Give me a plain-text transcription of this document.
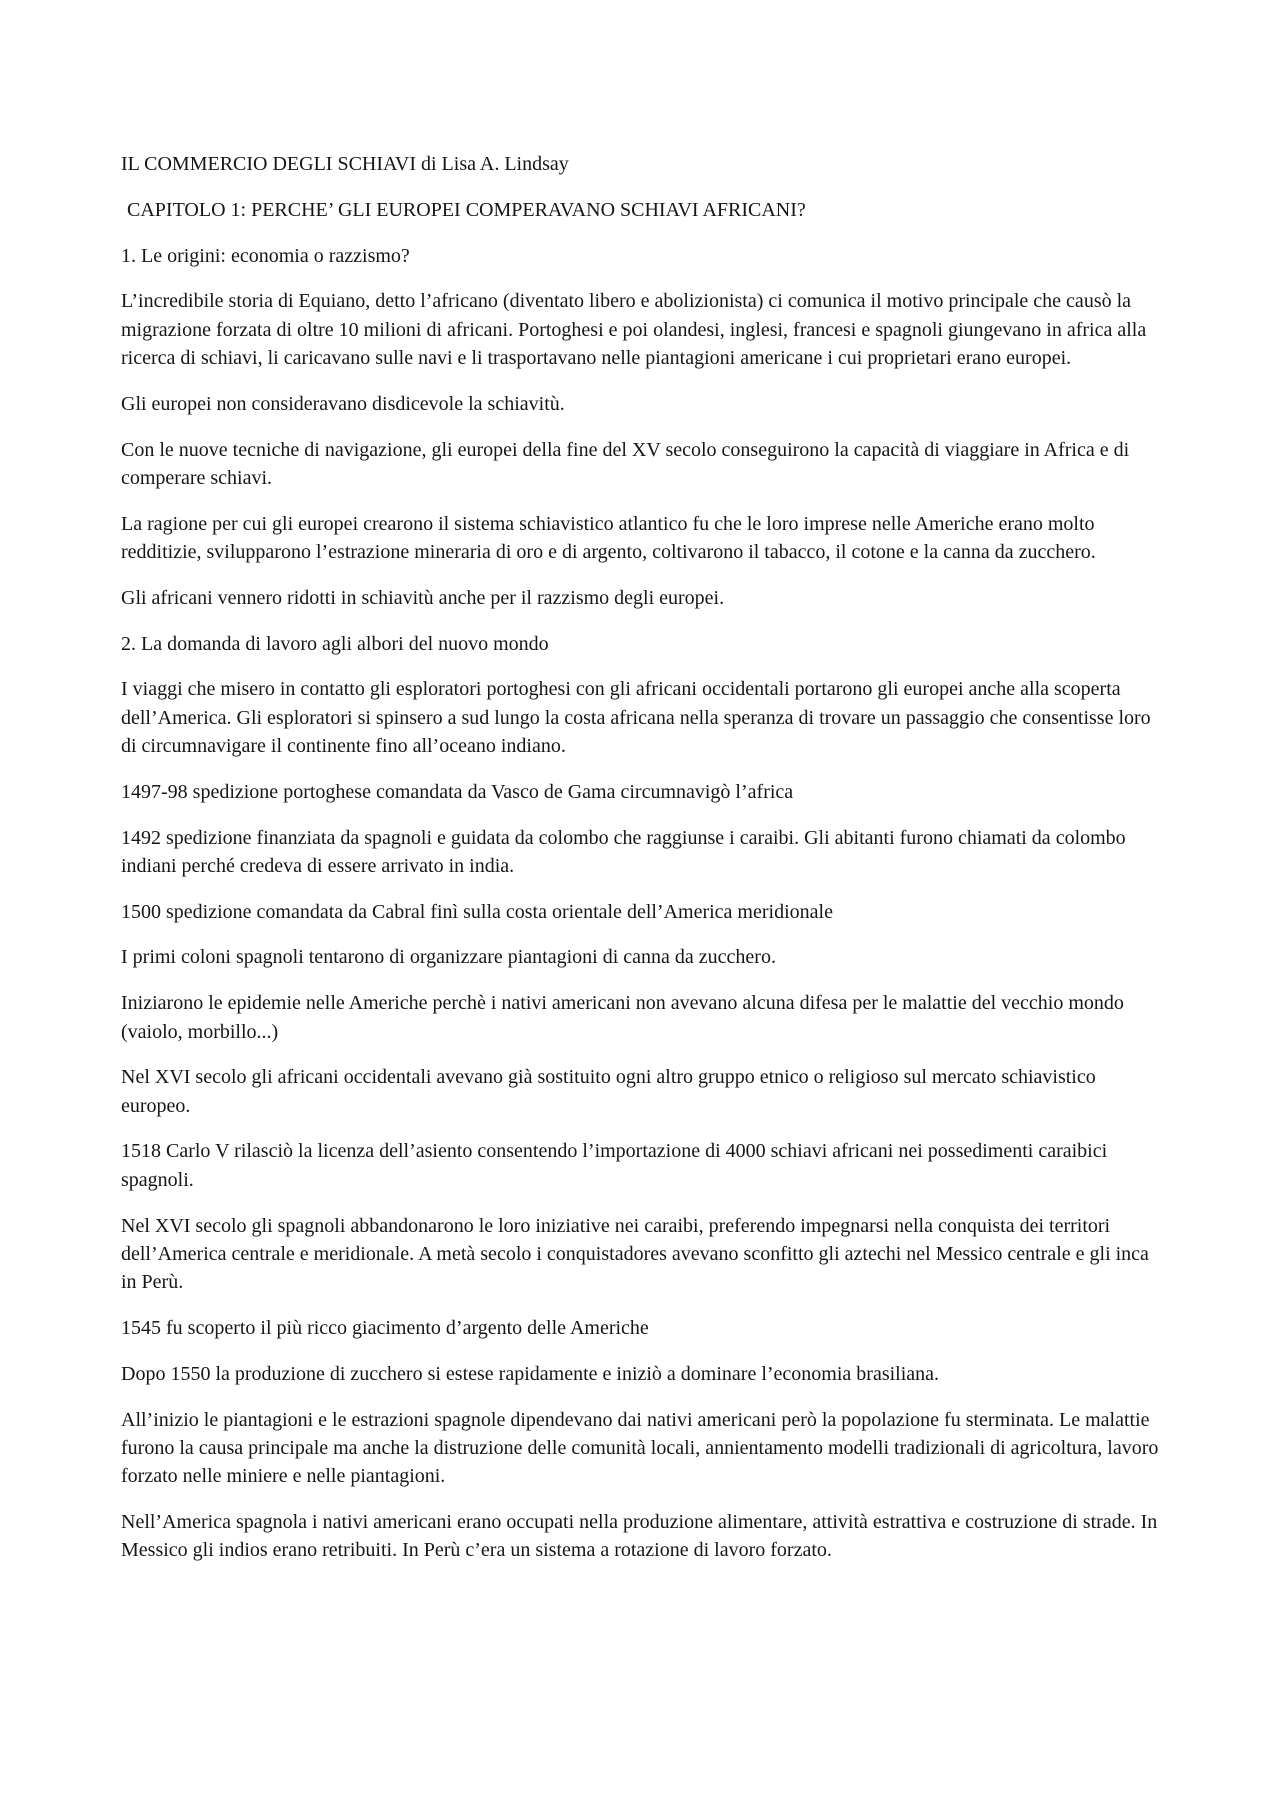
IL COMMERCIO DEGLI SCHIAVI di Lisa A. Lindsay

CAPITOLO 1: PERCHE’ GLI EUROPEI COMPERAVANO SCHIAVI AFRICANI?

1. Le origini: economia o razzismo?

L’incredibile storia di Equiano, detto l’africano (diventato libero e abolizionista) ci comunica il motivo principale che causò la migrazione forzata di oltre 10 milioni di africani. Portoghesi e poi olandesi, inglesi, francesi e spagnoli giungevano in africa alla ricerca di schiavi, li caricavano sulle navi e li trasportavano nelle piantagioni americane i cui proprietari erano europei.

Gli europei non consideravano disdicevole la schiavitù.

Con le nuove tecniche di navigazione, gli europei della fine del XV secolo conseguirono la capacità di viaggiare in Africa e di comperare schiavi.

La ragione per cui gli europei crearono il sistema schiavistico atlantico fu che le loro imprese nelle Americhe erano molto redditizie, svilupparono l’estrazione mineraria di oro e di argento, coltivarono il tabacco, il cotone e la canna da zucchero.

Gli africani vennero ridotti in schiavitù anche per il razzismo degli europei.

2. La domanda di lavoro agli albori del nuovo mondo

I viaggi che misero in contatto gli esploratori portoghesi con gli africani occidentali portarono gli europei anche alla scoperta dell’America. Gli esploratori si spinsero a sud lungo la costa africana nella speranza di trovare un passaggio che consentisse loro di circumnavigare il continente fino all’oceano indiano.

1497-98 spedizione portoghese comandata da Vasco de Gama circumnavigò l’africa

1492 spedizione finanziata da spagnoli e guidata da colombo che raggiunse i caraibi. Gli abitanti furono chiamati da colombo indiani perché credeva di essere arrivato in india.

1500 spedizione comandata da Cabral finì sulla costa orientale dell’America meridionale

I primi coloni spagnoli tentarono di organizzare piantagioni di canna da zucchero.

Iniziarono le epidemie nelle Americhe perchè i nativi americani non avevano alcuna difesa per le malattie del vecchio mondo (vaiolo, morbillo...)

Nel XVI secolo gli africani occidentali avevano già sostituito ogni altro gruppo etnico o religioso sul mercato schiavistico europeo.

1518 Carlo V rilasciò la licenza dell’asiento consentendo l’importazione di 4000 schiavi africani nei possedimenti caraibici spagnoli.

Nel XVI secolo gli spagnoli abbandonarono le loro iniziative nei caraibi, preferendo impegnarsi nella conquista dei territori dell’America centrale e meridionale. A metà secolo i conquistadores avevano sconfitto gli aztechi nel Messico centrale e gli inca in Perù.

1545 fu scoperto il più ricco giacimento d’argento delle Americhe

Dopo 1550 la produzione di zucchero si estese rapidamente e iniziò a dominare l’economia brasiliana.

All’inizio le piantagioni e le estrazioni spagnole dipendevano dai nativi americani però la popolazione fu sterminata. Le malattie furono la causa principale ma anche la distruzione delle comunità locali, annientamento modelli tradizionali di agricoltura, lavoro forzato nelle miniere e nelle piantagioni.

Nell’America spagnola i nativi americani erano occupati nella produzione alimentare, attività estrattiva e costruzione di strade. In Messico gli indios erano retribuiti. In Perù c’era un sistema a rotazione di lavoro forzato.
